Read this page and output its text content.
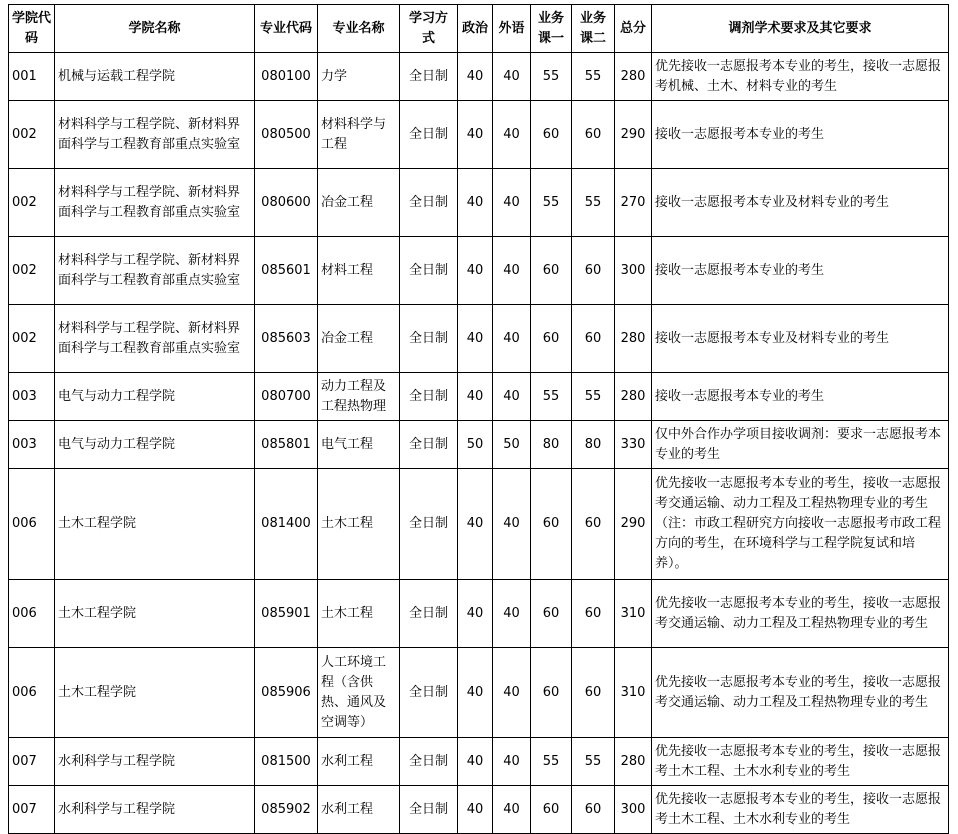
学院代码	学院名称	专业代码	专业名称	学习方式	政治	外语	业务课一	业务课二	总分	调剂学术要求及其它要求
001	机械与运载工程学院	080100	力学	全日制	40	40	55	55	280	优先接收一志愿报考本专业的考生，接收一志愿报考机械、土木、材料专业的考生
002	材料科学与工程学院、新材料界面科学与工程教育部重点实验室	080500	材料科学与工程	全日制	40	40	60	60	290	接收一志愿报考本专业的考生
002	材料科学与工程学院、新材料界面科学与工程教育部重点实验室	080600	冶金工程	全日制	40	40	55	55	270	接收一志愿报考本专业及材料专业的考生
002	材料科学与工程学院、新材料界面科学与工程教育部重点实验室	085601	材料工程	全日制	40	40	60	60	300	接收一志愿报考本专业的考生
002	材料科学与工程学院、新材料界面科学与工程教育部重点实验室	085603	冶金工程	全日制	40	40	60	60	280	接收一志愿报考本专业及材料专业的考生
003	电气与动力工程学院	080700	动力工程及工程热物理	全日制	40	40	55	55	280	接收一志愿报考本专业的考生
003	电气与动力工程学院	085801	电气工程	全日制	50	50	80	80	330	仅中外合作办学项目接收调剂：要求一志愿报考本专业的考生
006	土木工程学院	081400	土木工程	全日制	40	40	60	60	290	优先接收一志愿报考本专业的考生，接收一志愿报考交通运输、动力工程及工程热物理专业的考生（注：市政工程研究方向接收一志愿报考市政工程方向的考生，在环境科学与工程学院复试和培养）。
006	土木工程学院	085901	土木工程	全日制	40	40	60	60	310	优先接收一志愿报考本专业的考生，接收一志愿报考交通运输、动力工程及工程热物理专业的考生
006	土木工程学院	085906	人工环境工程（含供热、通风及空调等）	全日制	40	40	60	60	310	优先接收一志愿报考本专业的考生，接收一志愿报考交通运输、动力工程及工程热物理专业的考生
007	水利科学与工程学院	081500	水利工程	全日制	40	40	55	55	280	优先接收一志愿报考本专业的考生，接收一志愿报考土木工程、土木水利专业的考生
007	水利科学与工程学院	085902	水利工程	全日制	40	40	60	60	300	优先接收一志愿报考本专业的考生，接收一志愿报考土木工程、土木水利专业的考生
